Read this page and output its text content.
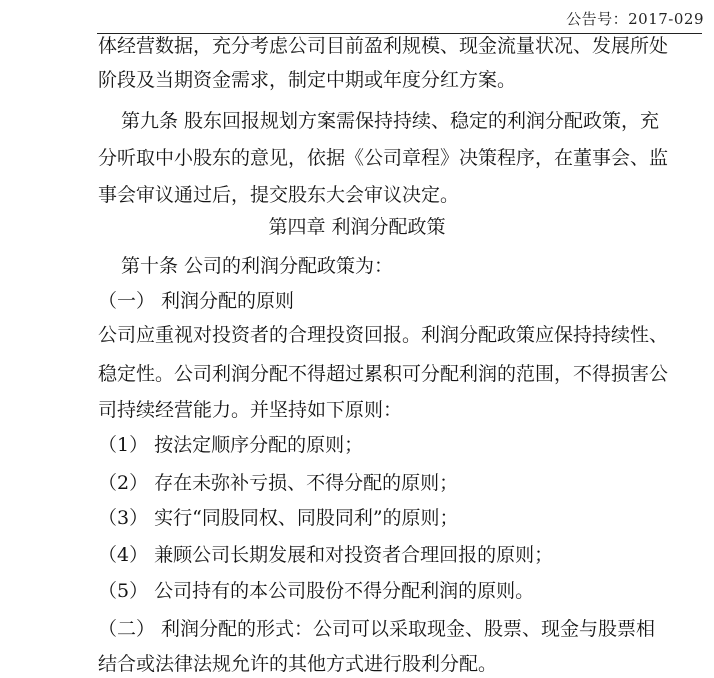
公告号：2017-029
体经营数据，充分考虑公司目前盈利规模、现金流量状况、发展所处
阶段及当期资金需求，制定中期或年度分红方案。
第九条 股东回报规划方案需保持持续、稳定的利润分配政策，充
分听取中小股东的意见，依据《公司章程》决策程序，在董事会、监
事会审议通过后，提交股东大会审议决定。
第四章 利润分配政策
第十条 公司的利润分配政策为：
（一） 利润分配的原则
公司应重视对投资者的合理投资回报。利润分配政策应保持持续性、
稳定性。公司利润分配不得超过累积可分配利润的范围，不得损害公
司持续经营能力。并坚持如下原则：
（1） 按法定顺序分配的原则；
（2） 存在未弥补亏损、不得分配的原则；
（3） 实行“同股同权、同股同利”的原则；
（4） 兼顾公司长期发展和对投资者合理回报的原则；
（5） 公司持有的本公司股份不得分配利润的原则。
（二） 利润分配的形式：公司可以采取现金、股票、现金与股票相
结合或法律法规允许的其他方式进行股利分配。
